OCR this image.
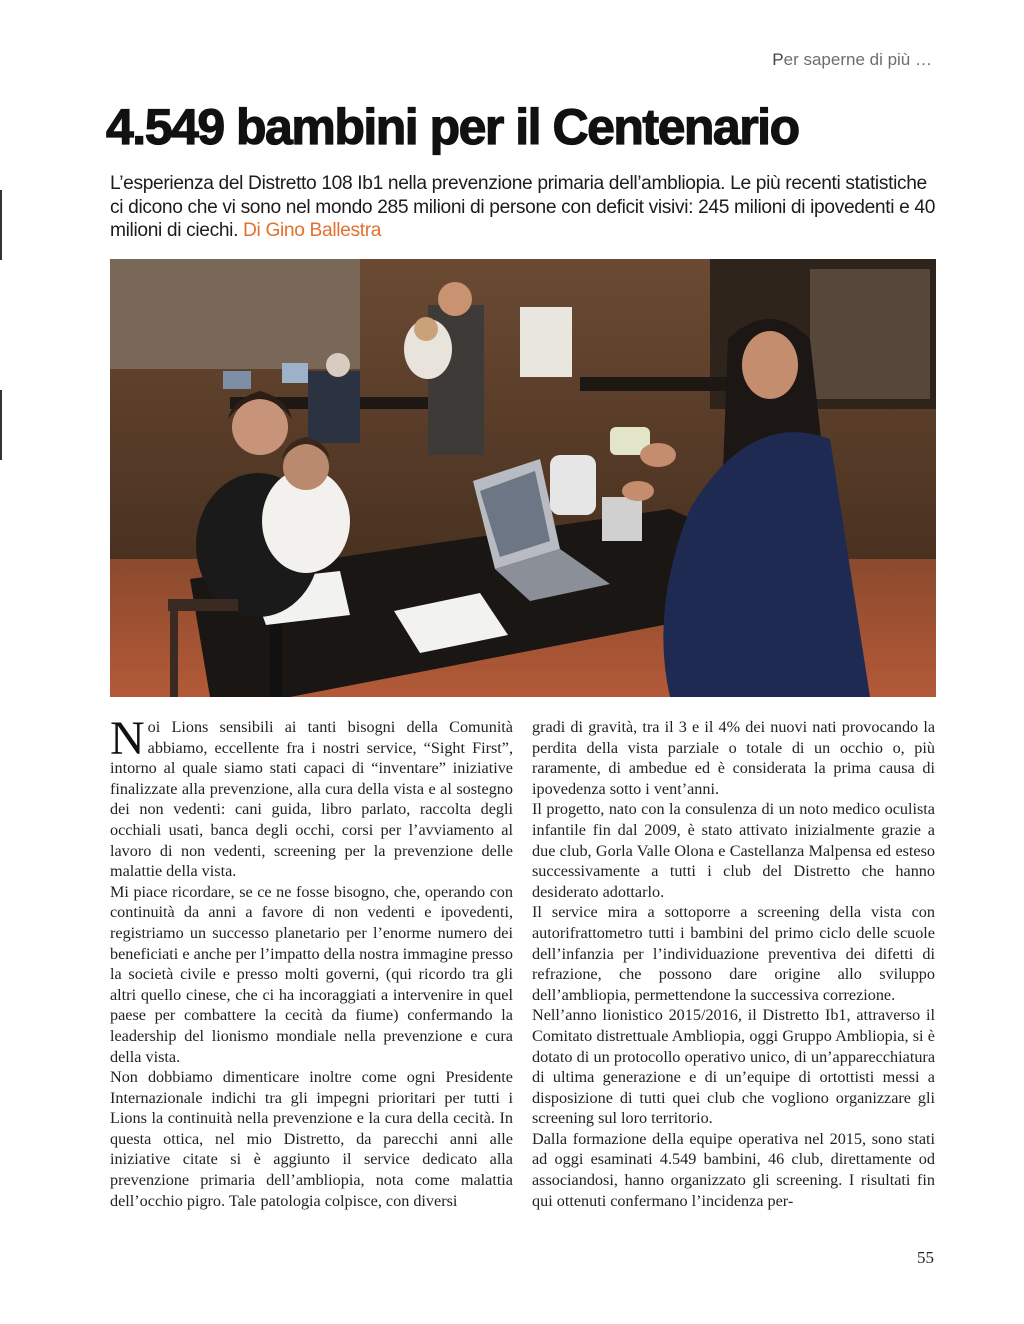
Per saperne di più …
4.549 bambini per il Centenario
L’esperienza del Distretto 108 Ib1 nella prevenzione primaria dell’ambliopia. Le più recenti statistiche ci dicono che vi sono nel mondo 285 milioni di persone con deficit visivi: 245 milioni di ipovedenti e 40 milioni di ciechi. Di Gino Ballestra

Noi Lions sensibili ai tanti bisogni della Comunità abbiamo, eccellente fra i nostri service, “Sight First”, intorno al quale siamo stati capaci di “inventare” iniziative finalizzate alla prevenzione, alla cura della vista e al sostegno dei non vedenti: cani guida, libro parlato, raccolta degli occhiali usati, banca degli occhi, corsi per l’avviamento al lavoro di non vedenti, screening per la prevenzione delle malattie della vista.

Mi piace ricordare, se ce ne fosse bisogno, che, operando con continuità da anni a favore di non vedenti e ipovedenti, registriamo un successo planetario per l’enorme numero dei beneficiati e anche per l’impatto della nostra immagine presso la società civile e presso molti governi, (qui ricordo tra gli altri quello cinese, che ci ha incoraggiati a intervenire in quel paese per combattere la cecità da fiume) confermando la leadership del lionismo mondiale nella prevenzione e cura della vista.

Non dobbiamo dimenticare inoltre come ogni Presidente Internazionale indichi tra gli impegni prioritari per tutti i Lions la continuità nella prevenzione e la cura della cecità. In questa ottica, nel mio Distretto, da parecchi anni alle iniziative citate si è aggiunto il service dedicato alla prevenzione primaria dell’ambliopia, nota come malattia dell’occhio pigro. Tale patologia colpisce, con diversi

gradi di gravità, tra il 3 e il 4% dei nuovi nati provocando la perdita della vista parziale o totale di un occhio o, più raramente, di ambedue ed è considerata la prima causa di ipovedenza sotto i vent’anni.

Il progetto, nato con la consulenza di un noto medico oculista infantile fin dal 2009, è stato attivato inizialmente grazie a due club, Gorla Valle Olona e Castellanza Malpensa ed esteso successivamente a tutti i club del Distretto che hanno desiderato adottarlo.

Il service mira a sottoporre a screening della vista con autorifrattometro tutti i bambini del primo ciclo delle scuole dell’infanzia per l’individuazione preventiva dei difetti di refrazione, che possono dare origine allo sviluppo dell’ambliopia, permettendone la successiva correzione.

Nell’anno lionistico 2015/2016, il Distretto Ib1, attraverso il Comitato distrettuale Ambliopia, oggi Gruppo Ambliopia, si è dotato di un protocollo operativo unico, di un’apparecchiatura di ultima generazione e di un’equipe di ortottisti messi a disposizione di tutti quei club che vogliono organizzare gli screening sul loro territorio.

Dalla formazione della equipe operativa nel 2015, sono stati ad oggi esaminati 4.549 bambini, 46 club, direttamente od associandosi, hanno organizzato gli screening. I risultati fin qui ottenuti confermano l’incidenza per-

55
